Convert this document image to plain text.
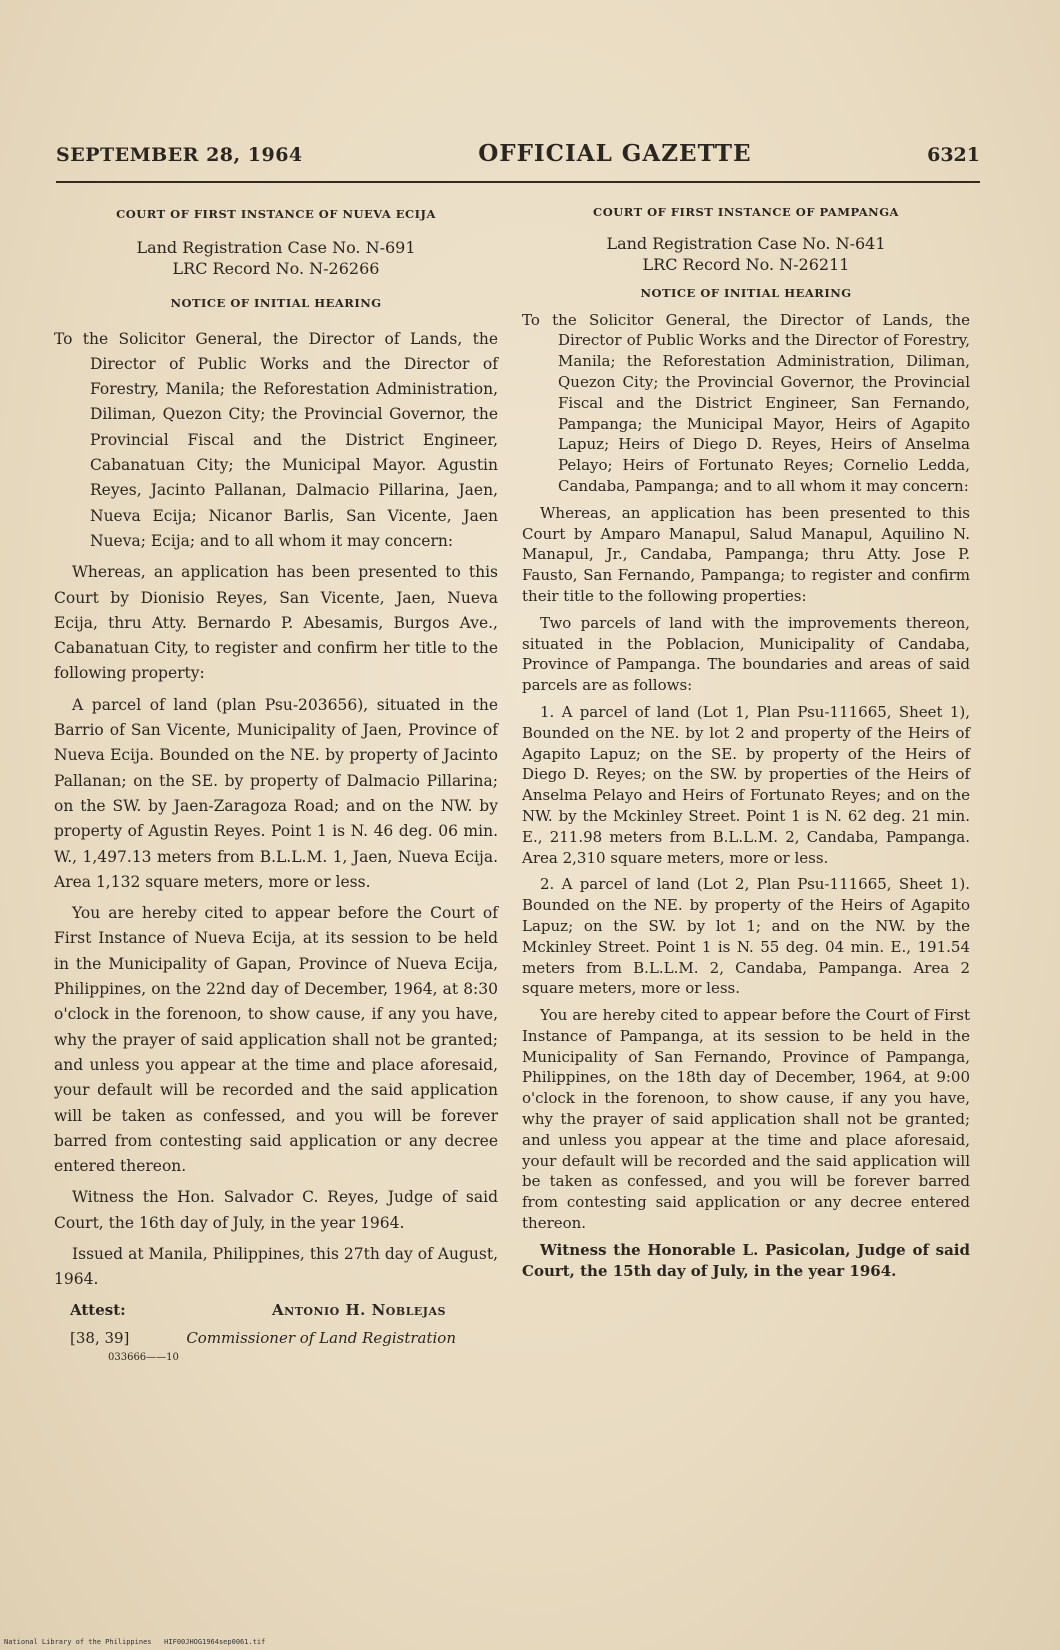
SEPTEMBER 28, 1964	OFFICIAL GAZETTE	6321
COURT OF FIRST INSTANCE OF NUEVA ECIJA
Land Registration Case No. N-691
LRC Record No. N-26266
NOTICE OF INITIAL HEARING

To the Solicitor General, the Director of Lands, the Director of Public Works and the Director of Forestry, Manila; the Reforestation Administration, Diliman, Quezon City; the Provincial Governor, the Provincial Fiscal and the District Engineer, Cabanatuan City; the Municipal Mayor. Agustin Reyes, Jacinto Pallanan, Dalmacio Pillarina, Jaen, Nueva Ecija; Nicanor Barlis, San Vicente, Jaen Nueva; Ecija; and to all whom it may concern:

Whereas, an application has been presented to this Court by Dionisio Reyes, San Vicente, Jaen, Nueva Ecija, thru Atty. Bernardo P. Abesamis, Burgos Ave., Cabanatuan City, to register and confirm her title to the following property:

A parcel of land (plan Psu-203656), situated in the Barrio of San Vicente, Municipality of Jaen, Province of Nueva Ecija. Bounded on the NE. by property of Jacinto Pallanan; on the SE. by property of Dalmacio Pillarina; on the SW. by Jaen-Zaragoza Road; and on the NW. by property of Agustin Reyes. Point 1 is N. 46 deg. 06 min. W., 1,497.13 meters from B.L.L.M. 1, Jaen, Nueva Ecija. Area 1,132 square meters, more or less.

You are hereby cited to appear before the Court of First Instance of Nueva Ecija, at its session to be held in the Municipality of Gapan, Province of Nueva Ecija, Philippines, on the 22nd day of December, 1964, at 8:30 o'clock in the forenoon, to show cause, if any you have, why the prayer of said application shall not be granted; and unless you appear at the time and place aforesaid, your default will be recorded and the said application will be taken as confessed, and you will be forever barred from contesting said application or any decree entered thereon.

Witness the Hon. Salvador C. Reyes, Judge of said Court, the 16th day of July, in the year 1964.

Issued at Manila, Philippines, this 27th day of August, 1964.

Attest:	Antonio H. Noblejas
[38, 39]	Commissioner of Land Registration
033666——10
COURT OF FIRST INSTANCE OF PAMPANGA
Land Registration Case No. N-641
LRC Record No. N-26211
NOTICE OF INITIAL HEARING

To the Solicitor General, the Director of Lands, the Director of Public Works and the Director of Forestry, Manila; the Reforestation Administration, Diliman, Quezon City; the Provincial Governor, the Provincial Fiscal and the District Engineer, San Fernando, Pampanga; the Municipal Mayor, Heirs of Agapito Lapuz; Heirs of Diego D. Reyes, Heirs of Anselma Pelayo; Heirs of Fortunato Reyes; Cornelio Ledda, Candaba, Pampanga; and to all whom it may concern:

Whereas, an application has been presented to this Court by Amparo Manapul, Salud Manapul, Aquilino N. Manapul, Jr., Candaba, Pampanga; thru Atty. Jose P. Fausto, San Fernando, Pampanga; to register and confirm their title to the following properties:

Two parcels of land with the improvements thereon, situated in the Poblacion, Municipality of Candaba, Province of Pampanga. The boundaries and areas of said parcels are as follows:

1. A parcel of land (Lot 1, Plan Psu-111665, Sheet 1), Bounded on the NE. by lot 2 and property of the Heirs of Agapito Lapuz; on the SE. by property of the Heirs of Diego D. Reyes; on the SW. by properties of the Heirs of Anselma Pelayo and Heirs of Fortunato Reyes; and on the NW. by the Mckinley Street. Point 1 is N. 62 deg. 21 min. E., 211.98 meters from B.L.L.M. 2, Candaba, Pampanga. Area 2,310 square meters, more or less.

2. A parcel of land (Lot 2, Plan Psu-111665, Sheet 1). Bounded on the NE. by property of the Heirs of Agapito Lapuz; on the SW. by lot 1; and on the NW. by the Mckinley Street. Point 1 is N. 55 deg. 04 min. E., 191.54 meters from B.L.L.M. 2, Candaba, Pampanga. Area 2 square meters, more or less.

You are hereby cited to appear before the Court of First Instance of Pampanga, at its session to be held in the Municipality of San Fernando, Province of Pampanga, Philippines, on the 18th day of December, 1964, at 9:00 o'clock in the forenoon, to show cause, if any you have, why the prayer of said application shall not be granted; and unless you appear at the time and place aforesaid, your default will be recorded and the said application will be taken as confessed, and you will be forever barred from contesting said application or any decree entered thereon.

Witness the Honorable L. Pasicolan, Judge of said Court, the 15th day of July, in the year 1964.

National Library of the Philippines HIF00JHOG1964sep0061.tif
